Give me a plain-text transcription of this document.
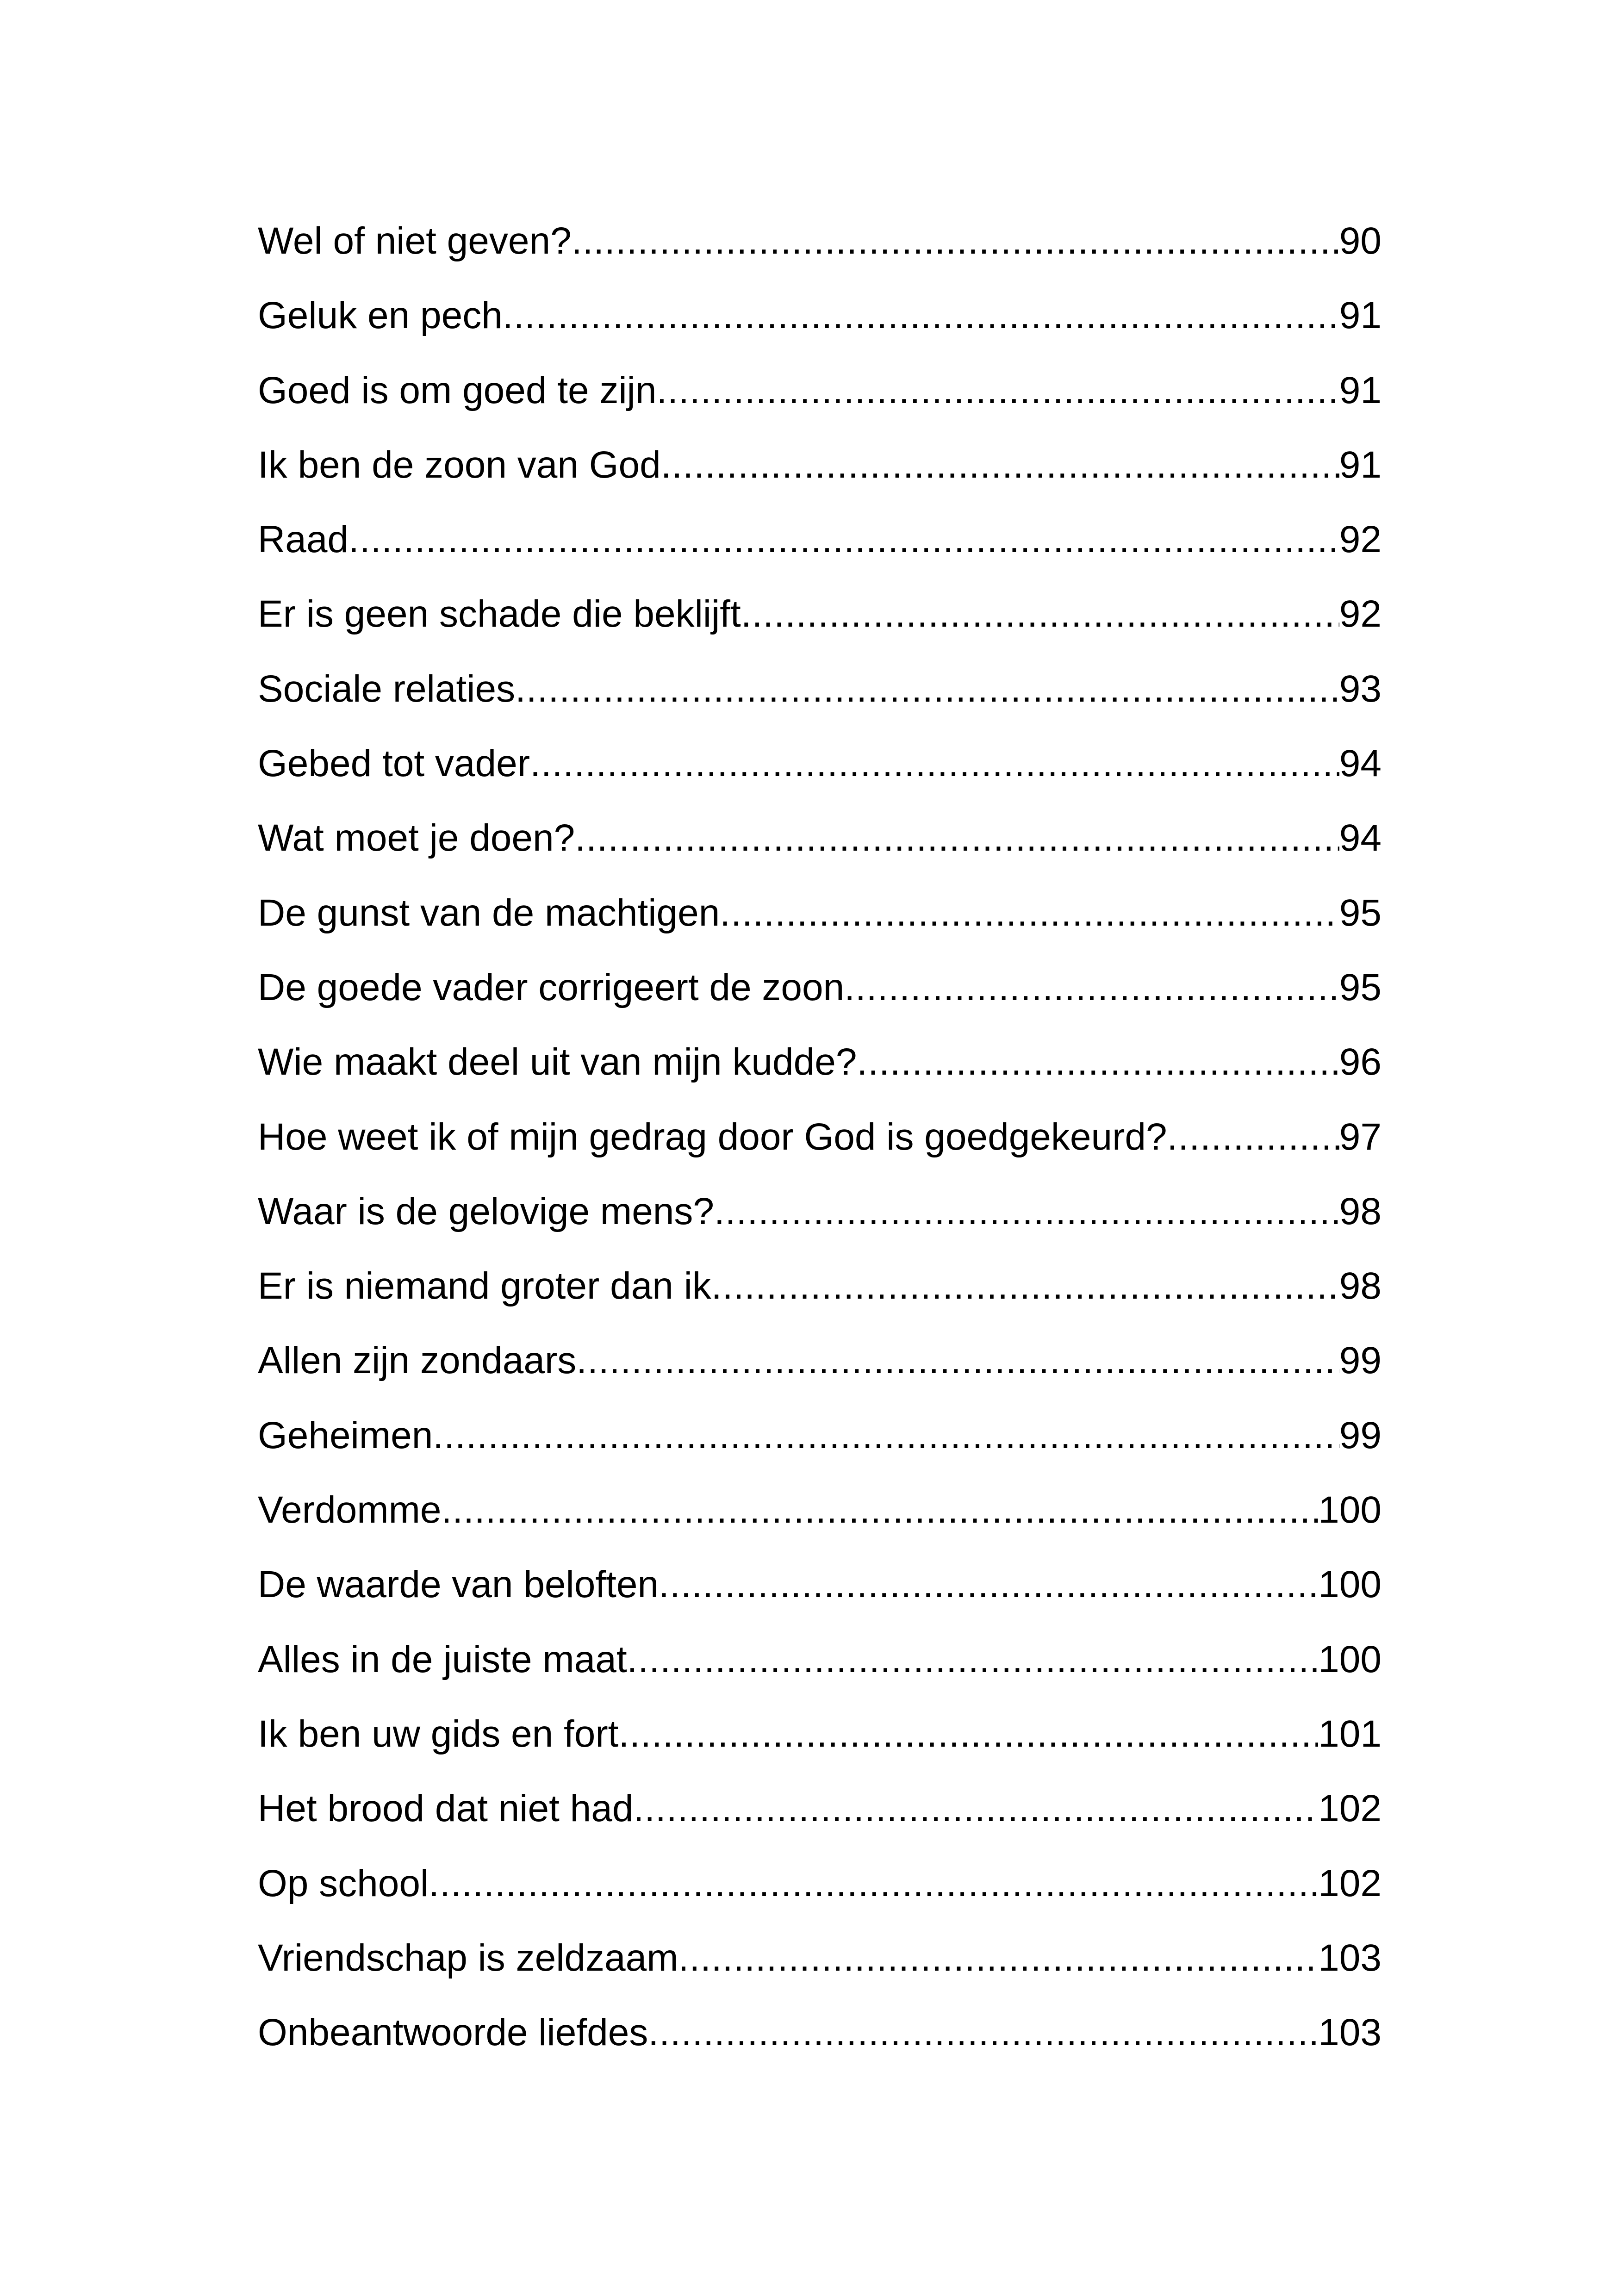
Wel of niet geven? .....	90
Geluk en pech .....	91
Goed is om goed te zijn .....	91
Ik ben de zoon van God .....	91
Raad .....	92
Er is geen schade die beklijft .....	92
Sociale relaties .....	93
Gebed tot vader .....	94
Wat moet je doen? .....	94
De gunst van de machtigen .....	95
De goede vader corrigeert de zoon .....	95
Wie maakt deel uit van mijn kudde? .....	96
Hoe weet ik of mijn gedrag door God is goedgekeurd? .....	97
Waar is de gelovige mens? .....	98
Er is niemand groter dan ik .....	98
Allen zijn zondaars .....	99
Geheimen .....	99
Verdomme .....	100
De waarde van beloften .....	100
Alles in de juiste maat .....	100
Ik ben uw gids en fort .....	101
Het brood dat niet had .....	102
Op school .....	102
Vriendschap is zeldzaam .....	103
Onbeantwoorde liefdes .....	103
